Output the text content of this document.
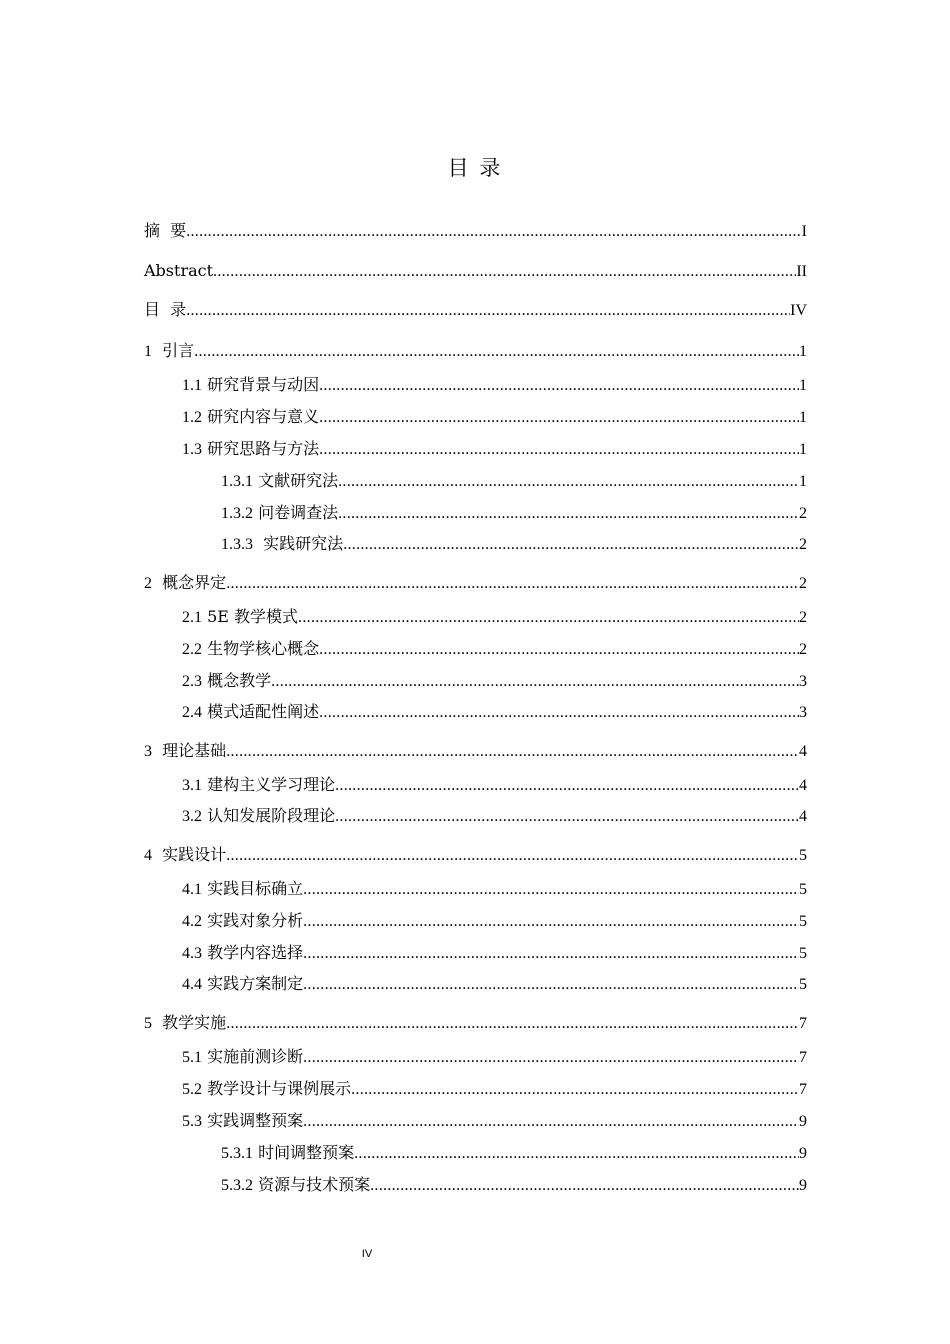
目 录
摘  要 .....	I
Abstract .....	II
目  录 .....	IV
1  引言 .....	1
1.1 研究背景与动因 .....	1
1.2 研究内容与意义 .....	1
1.3 研究思路与方法 .....	1
1.3.1 文献研究法 .....	1
1.3.2 问卷调查法 .....	2
1.3.3  实践研究法 .....	2
2  概念界定 .....	2
2.1 5E 教学模式 .....	2
2.2 生物学核心概念 .....	2
2.3 概念教学 .....	3
2.4 模式适配性阐述 .....	3
3  理论基础 .....	4
3.1 建构主义学习理论 .....	4
3.2 认知发展阶段理论 .....	4
4  实践设计 .....	5
4.1 实践目标确立 .....	5
4.2 实践对象分析 .....	5
4.3 教学内容选择 .....	5
4.4 实践方案制定 .....	5
5  教学实施 .....	7
5.1 实施前测诊断 .....	7
5.2 教学设计与课例展示 .....	7
5.3 实践调整预案 .....	9
5.3.1 时间调整预案 .....	9
5.3.2 资源与技术预案 .....	9
IV
